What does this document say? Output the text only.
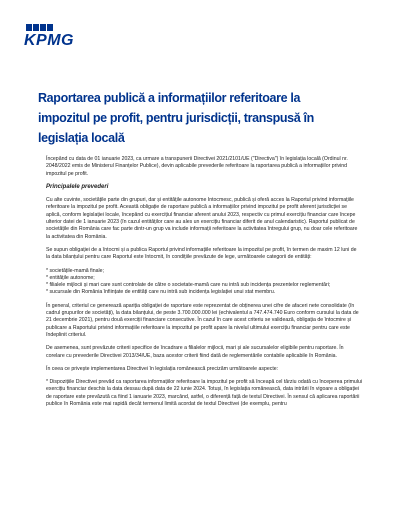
KPMG
Raportarea publică a informațiilor referitoare la impozitul pe profit, pentru jurisdicții, transpusă în legislația locală

Începând cu data de 01 ianuarie 2023, ca urmare a transpunerii Directivei 2021/2101/UE ("Directiva") în legislația locală (Ordinul nr. 2048/2022 emis de Ministerul Finanțelor Publice), devin aplicabile prevederile referitoare la raportarea publică a informațiilor privind impozitul pe profit.

Principalele prevederi

Cu alte cuvinte, societățile parte din grupuri, dar și entitățile autonome Intocmesc, publică și oferă acces la Raportul privind informațiile referitoare la impozitul pe profit. Această obligație de raportare publică a informațiilor privind impozitul pe profit aferent jurisdicției se aplică, conform legislației locale, începând cu exercițiul financiar aferent anului 2023, respectiv cu primul exercițiu financiar care începe ulterior datei de 1 ianuarie 2023 (în cazul entităților care au ales un exercițiu financiar diferit de anul calendaristic). Raportul publicat de societățile din România care fac parte dintr-un grup va include informații referitoare la activitatea întregului grup, nu doar cele referitoare la activitatea din România.

Se supun obligației de a întocmi și a publica Raportul privind informațiile referitoare la impozitul pe profit, în termen de maxim 12 luni de la data bilanțului pentru care Raportul este întocmit, în condițiile prevăzute de lege, următoarele categorii de entități:

* societățile-mamă finale;
* entitățile autonome;
* filialele mijlocii și mari care sunt controlate de către o societate-mamă care nu intră sub incidența prezentelor reglementări;
* sucursale din România înființate de entități care nu intră sub incidența legislației unui stat membru.

În general, criteriul ce generează apariția obligației de raportare este reprezentat de obținerea unei cifre de afaceri nete consolidate (în cadrul grupurilor de societăți), la data bilanțului, de peste 3.700.000.000 lei (echivalentul a 747.474.740 Euro conform cursului la data de 21 decembrie 2021), pentru două exerciții financiare consecutive. În cazul în care acest criteriu se validează, obligația de întocmire și publicare a Raportului privind informațiile referitoare la impozitul pe profit apare la nivelul ultimului exercițiu financiar pentru care este îndeplinit criteriul.

De asemenea, sunt prevăzute criterii specifice de încadrare a filialelor mijlocii, mari și ale sucursalelor eligibile pentru raportare. În corelare cu prevederile Directivei 2013/34/UE, baza acestor criterii fiind dată de reglementările contabile aplicabile în România.

În ceea ce privește implementarea Directivei în legislația românească precizăm următoarele aspecte:

* Dispozițiile Directivei prevăd ca raportarea informațiilor referitoare la impozitul pe profit să înceapă cel târziu odată cu începerea primului exercițiu financiar deschis la data dessau după data de 22 iunie 2024. Totuși, în legislația românească, data intrării în vigoare a obligației de raportare este prevăzută ca fiind 1 ianuarie 2023, marcând, astfel, o diferență față de textul Directivei. În sensul că aplicarea raportării publice în România este mai rapidă decât termenul limită acordat de textul Directivei (de exemplu, pentru
